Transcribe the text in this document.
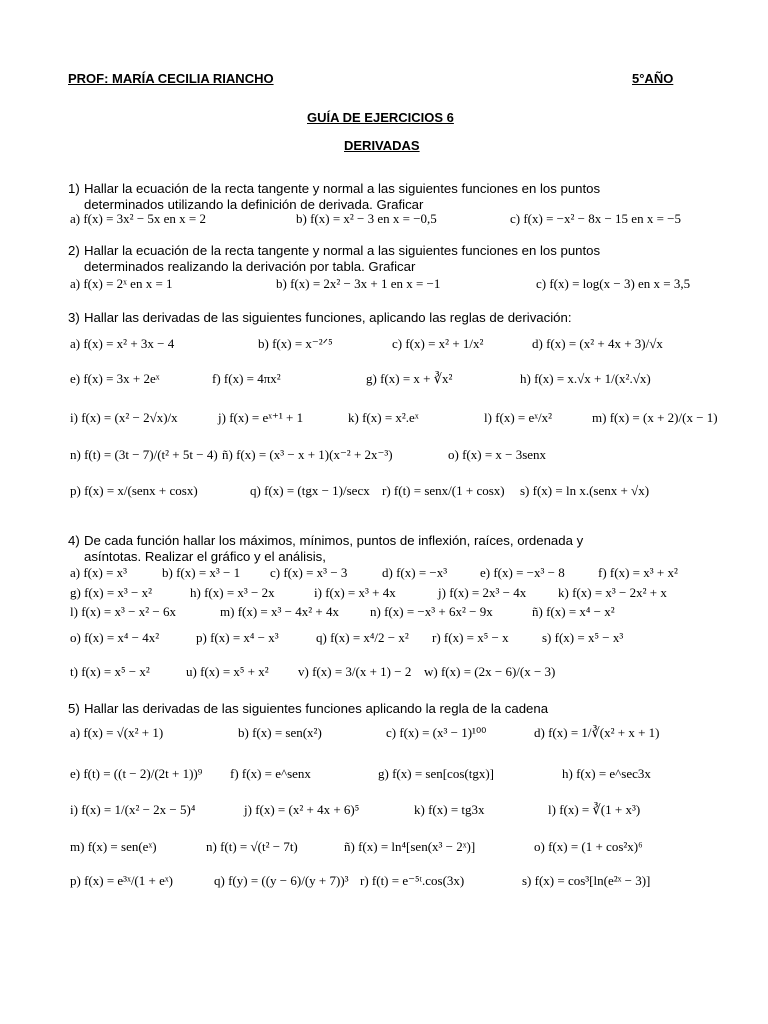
PROF: MARÍA CECILIA RIANCHO	5°AÑO
GUÍA DE EJERCICIOS 6
DERIVADAS
1) Hallar la ecuación de la recta tangente y normal a las siguientes funciones en los puntos
determinados utilizando la definición de derivada. Graficar
a) f(x) = 3x² − 5x en x = 2	b) f(x) = x² − 3 en x = −0,5	c) f(x) = −x² − 8x − 15 en x = −5
2) Hallar la ecuación de la recta tangente y normal a las siguientes funciones en los puntos
determinados realizando la derivación por tabla. Graficar
a) f(x) = 2ˣ en x = 1	b) f(x) = 2x² − 3x + 1 en x = −1	c) f(x) = log(x − 3) en x = 3,5
3) Hallar las derivadas de las siguientes funciones, aplicando las reglas de derivación:
a) f(x) = x² + 3x − 4	b) f(x) = x⁻²ᐟ⁵	c) f(x) = x² + 1/x²	d) f(x) = (x² + 4x + 3)/√x
e) f(x) = 3x + 2eˣ	f) f(x) = 4πx²	g) f(x) = x + ∛x²	h) f(x) = x.√x + 1/(x².√x)
i) f(x) = (x² − 2√x)/x	j) f(x) = eˣ⁺¹ + 1	k) f(x) = x².eˣ	l) f(x) = eˣ/x²	m) f(x) = (x + 2)/(x − 1)
n) f(t) = (3t − 7)/(t² + 5t − 4) ñ) f(x) = (x³ − x + 1)(x⁻² + 2x⁻³)	o) f(x) = x − 3senx
p) f(x) = x/(senx + cosx)	q) f(x) = (tgx − 1)/secx r) f(t) = senx/(1 + cosx) s) f(x) = ln x.(senx + √x)
4) De cada función hallar los máximos, mínimos, puntos de inflexión, raíces, ordenada y
asíntotas. Realizar el gráfico y el análisis,
a) f(x) = x³	b) f(x) = x³ − 1 c) f(x) = x³ − 3	d) f(x) = −x³	e) f(x) = −x³ − 8	f) f(x) = x³ + x²
g) f(x) = x³ − x²	h) f(x) = x³ − 2x	i) f(x) = x³ + 4x	j) f(x) = 2x³ − 4x k) f(x) = x³ − 2x² + x
l) f(x) = x³ − x² − 6x	m) f(x) = x³ − 4x² + 4x n) f(x) = −x³ + 6x² − 9x	ñ) f(x) = x⁴ − x²
o) f(x) = x⁴ − 4x²	p) f(x) = x⁴ − x³	q) f(x) = x⁴/2 − x² r) f(x) = x⁵ − x	s) f(x) = x⁵ − x³
t) f(x) = x⁵ − x²	u) f(x) = x⁵ + x² v) f(x) = 3/(x + 1) − 2 w) f(x) = (2x − 6)/(x − 3)
5) Hallar las derivadas de las siguientes funciones aplicando la regla de la cadena
a) f(x) = √(x² + 1)	b) f(x) = sen(x²)	c) f(x) = (x³ − 1)¹⁰⁰	d) f(x) = 1/∛(x² + x + 1)
e) f(t) = ((t − 2)/(2t + 1))⁹ f) f(x) = e^senx	g) f(x) = sen[cos(tgx)]	h) f(x) = e^sec3x
i) f(x) = 1/(x² − 2x − 5)⁴	j) f(x) = (x² + 4x + 6)⁵	k) f(x) = tg3x	l) f(x) = ∛(1 + x³)
m) f(x) = sen(eˣ)	n) f(t) = √(t² − 7t)	ñ) f(x) = ln⁴[sen(x³ − 2ˣ)]	o) f(x) = (1 + cos²x)⁶
p) f(x) = e³ˣ/(1 + eˣ)	q) f(y) = ((y − 6)/(y + 7))³ r) f(t) = e⁻⁵ᵗ.cos(3x)	s) f(x) = cos³[ln(e²ˣ − 3)]
